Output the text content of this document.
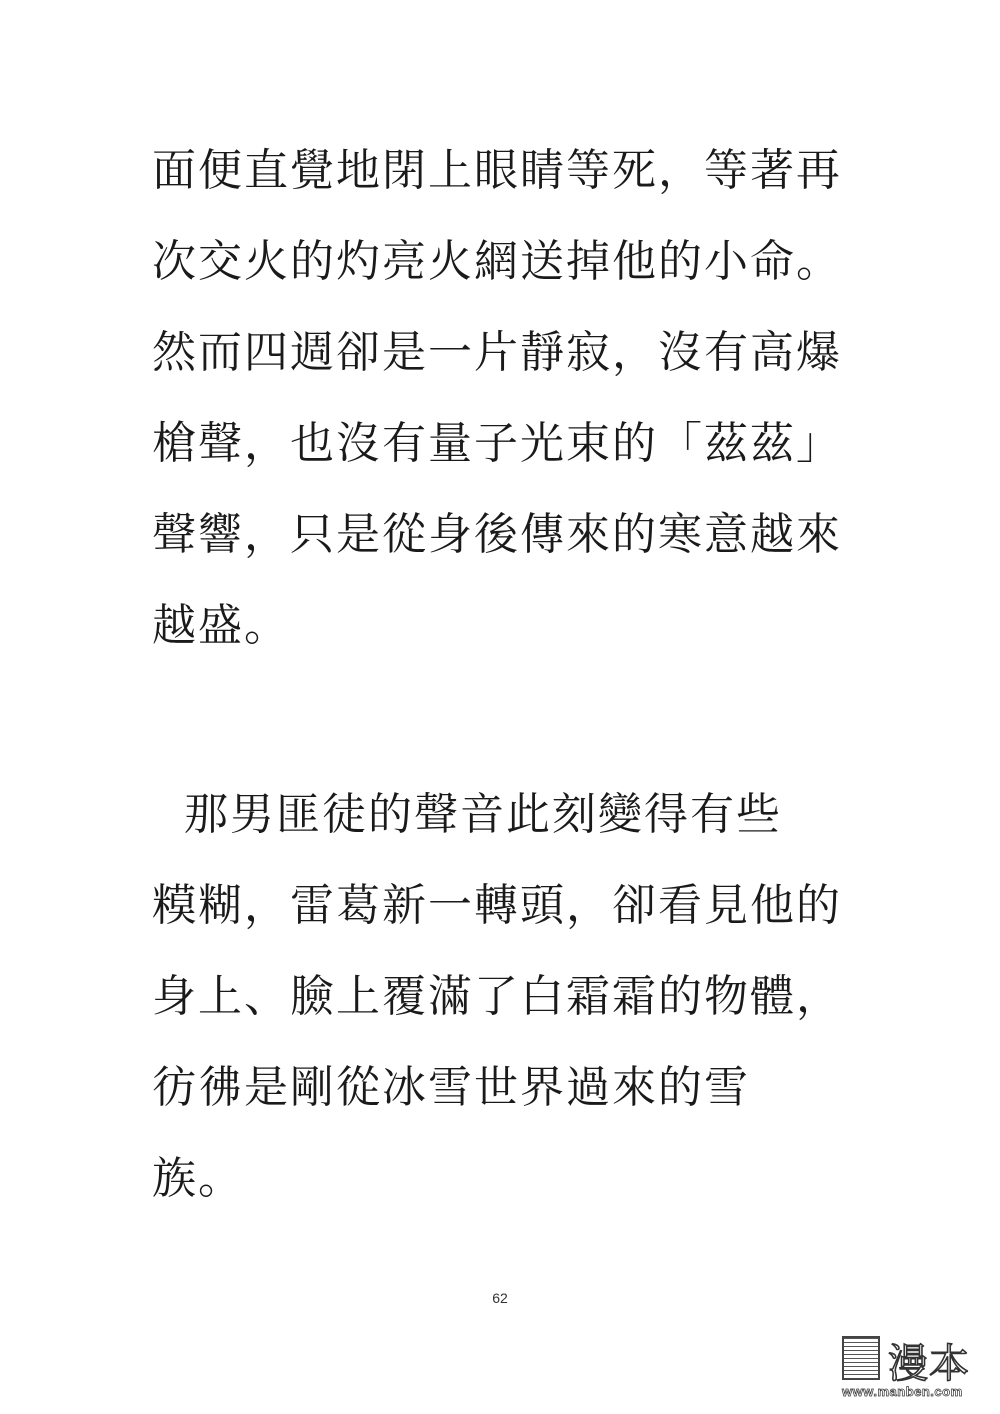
面便直覺地閉上眼睛等死，等著再
次交火的灼亮火網送掉他的小命。
然而四週卻是一片靜寂，沒有高爆
槍聲，也沒有量子光束的「茲茲」
聲響，只是從身後傳來的寒意越來
越盛。
那男匪徒的聲音此刻變得有些
糢糊，雷葛新一轉頭，卻看見他的
身上、臉上覆滿了白霜霜的物體，
彷彿是剛從冰雪世界過來的雪
族。
62
漫本
www.manben.com
